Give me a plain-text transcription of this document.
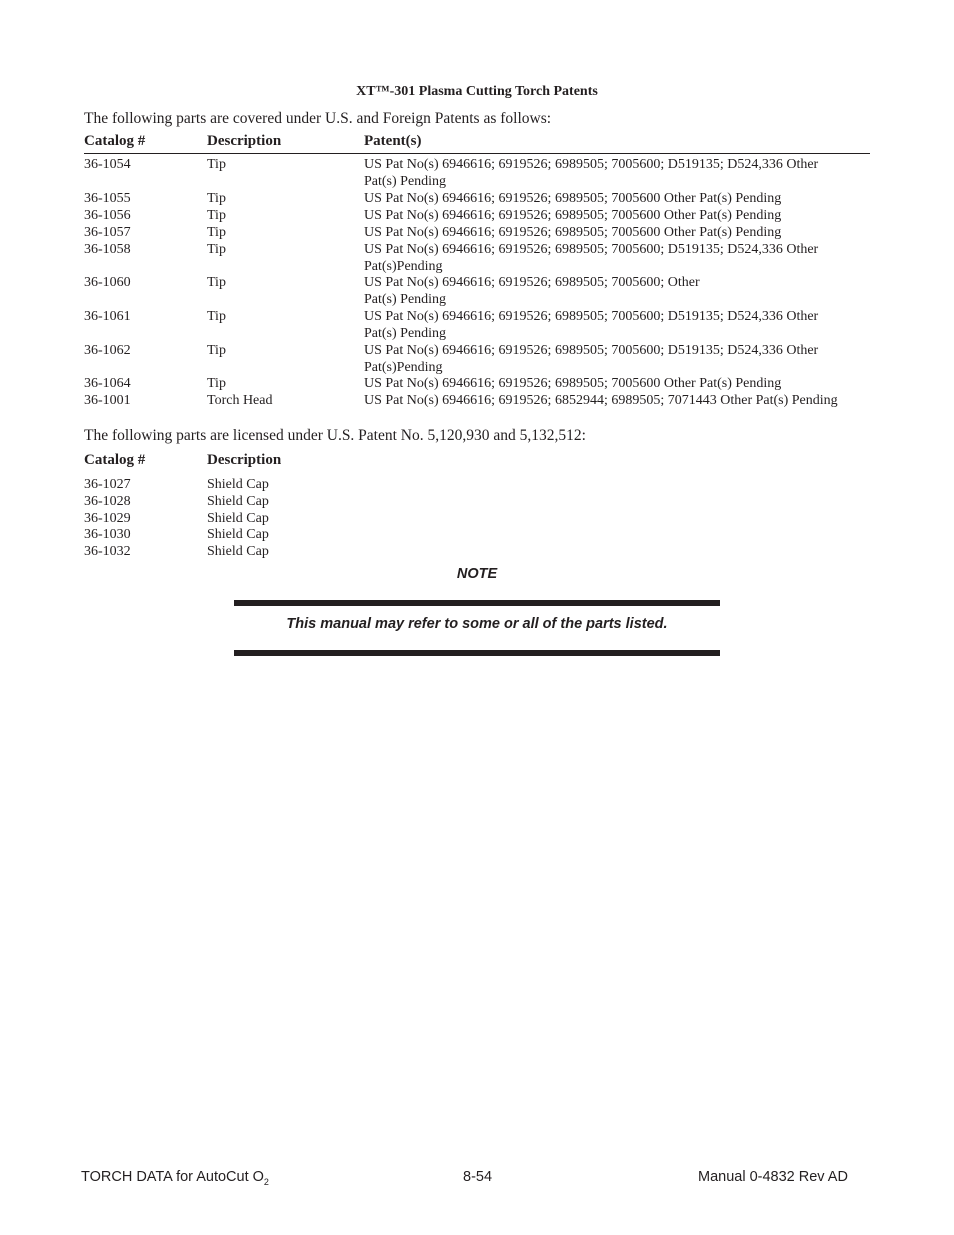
XT™-301 Plasma Cutting Torch Patents
The following parts are covered under U.S. and Foreign Patents as follows:
Catalog #	Description	Patent(s)
36-1054	Tip	US Pat No(s) 6946616; 6919526; 6989505; 7005600; D519135; D524,336 Other
Pat(s) Pending
36-1055	Tip	US Pat No(s) 6946616; 6919526; 6989505; 7005600 Other Pat(s) Pending
36-1056	Tip	US Pat No(s) 6946616; 6919526; 6989505; 7005600 Other Pat(s) Pending
36-1057	Tip	US Pat No(s) 6946616; 6919526; 6989505; 7005600 Other Pat(s) Pending
36-1058	Tip	US Pat No(s) 6946616; 6919526; 6989505; 7005600; D519135; D524,336 Other
Pat(s)Pending
36-1060	Tip	US Pat No(s) 6946616; 6919526; 6989505; 7005600; Other
Pat(s) Pending
36-1061	Tip	US Pat No(s) 6946616; 6919526; 6989505; 7005600; D519135; D524,336 Other
Pat(s) Pending
36-1062	Tip	US Pat No(s) 6946616; 6919526; 6989505; 7005600; D519135; D524,336 Other
Pat(s)Pending
36-1064	Tip	US Pat No(s) 6946616; 6919526; 6989505; 7005600 Other Pat(s) Pending
36-1001	Torch Head	US Pat No(s) 6946616; 6919526; 6852944; 6989505; 7071443 Other Pat(s) Pending
The following parts are licensed under U.S. Patent No. 5,120,930 and 5,132,512:
Catalog #	Description
36-1027	Shield Cap
36-1028	Shield Cap
36-1029	Shield Cap
36-1030	Shield Cap
36-1032	Shield Cap
NOTE
This manual may refer to some or all of the parts listed.
TORCH DATA for AutoCut $O_2$	8-54	Manual 0-4832 Rev AD
